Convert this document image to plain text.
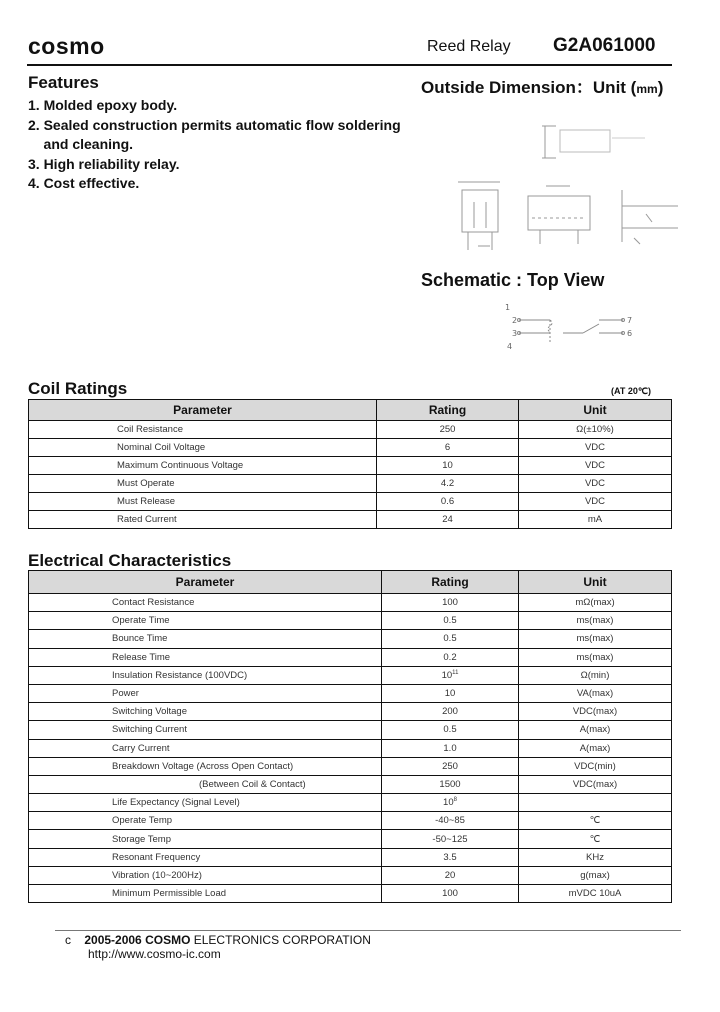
cosmo	Reed Relay G2A061000
Features
1. Molded epoxy body.
2. Sealed construction permits automatic flow soldering
and cleaning.
3. High reliability relay.
4. Cost effective.
Outside Dimension：Unit (mm)
Schematic : Top View
1
2
3
4
7
6
Coil Ratings	(AT 20℃)
Parameter	Rating	Unit
Coil Resistance	250	Ω(±10%)
Nominal Coil Voltage	6	VDC
Maximum Continuous Voltage	10	VDC
Must Operate	4.2	VDC
Must Release	0.6	VDC
Rated Current	24	mA
Electrical Characteristics
Parameter	Rating	Unit
Contact Resistance	100	mΩ(max)
Operate Time	0.5	ms(max)
Bounce Time	0.5	ms(max)
Release Time	0.2	ms(max)
Insulation Resistance (100VDC)	$10^{11}$	Ω(min)
Power	10	VA(max)
Switching Voltage	200	VDC(max)
Switching Current	0.5	A(max)
Carry Current	1.0	A(max)
Breakdown Voltage (Across Open Contact)	250	VDC(min)
(Between Coil & Contact)	1500	VDC(max)
Life Expectancy (Signal Level)	$10^8$	
Operate Temp	-40~85	℃
Storage Temp	-50~125	℃
Resonant Frequency	3.5	KHz
Vibration (10~200Hz)	20	g(max)
Minimum Permissible Load	100	mVDC 10uA
c 2005-2006 COSMO ELECTRONICS CORPORATION
http://www.cosmo-ic.com
